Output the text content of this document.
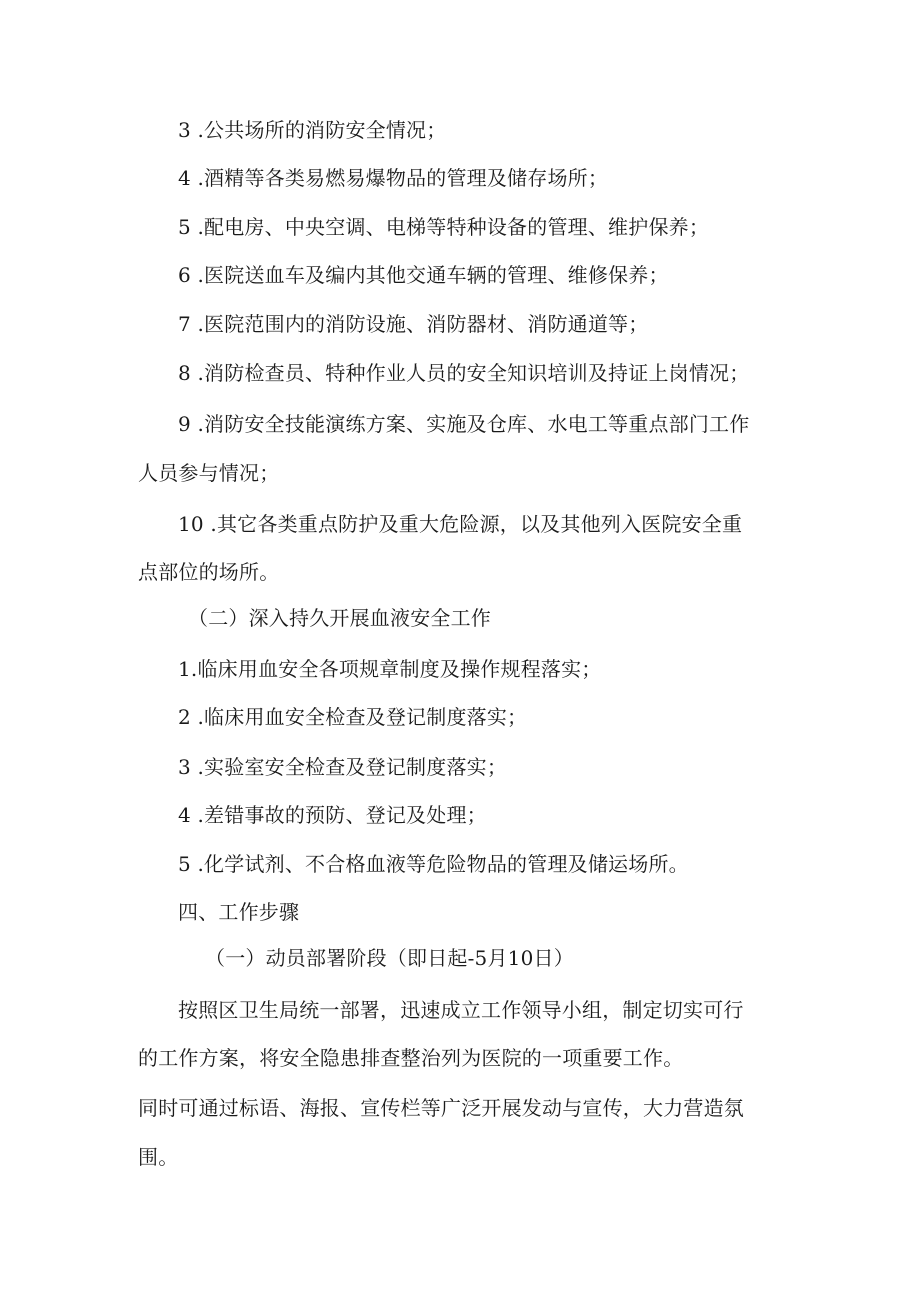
3 .公共场所的消防安全情况；
4 .酒精等各类易燃易爆物品的管理及储存场所；
5 .配电房、中央空调、电梯等特种设备的管理、维护保养；
6 .医院送血车及编内其他交通车辆的管理、维修保养；
7 .医院范围内的消防设施、消防器材、消防通道等；
8 .消防检查员、特种作业人员的安全知识培训及持证上岗情况；
9 .消防安全技能演练方案、实施及仓库、水电工等重点部门工作
人员参与情况；
10 .其它各类重点防护及重大危险源，以及其他列入医院安全重
点部位的场所。
（二）深入持久开展血液安全工作
1.临床用血安全各项规章制度及操作规程落实；
2 .临床用血安全检查及登记制度落实；
3 .实验室安全检查及登记制度落实；
4 .差错事故的预防、登记及处理；
5 .化学试剂、不合格血液等危险物品的管理及储运场所。
四、工作步骤
（一）动员部署阶段（即日起-5月10日）
按照区卫生局统一部署，迅速成立工作领导小组，制定切实可行
的工作方案，将安全隐患排查整治列为医院的一项重要工作。
同时可通过标语、海报、宣传栏等广泛开展发动与宣传，大力营造氛
围。
